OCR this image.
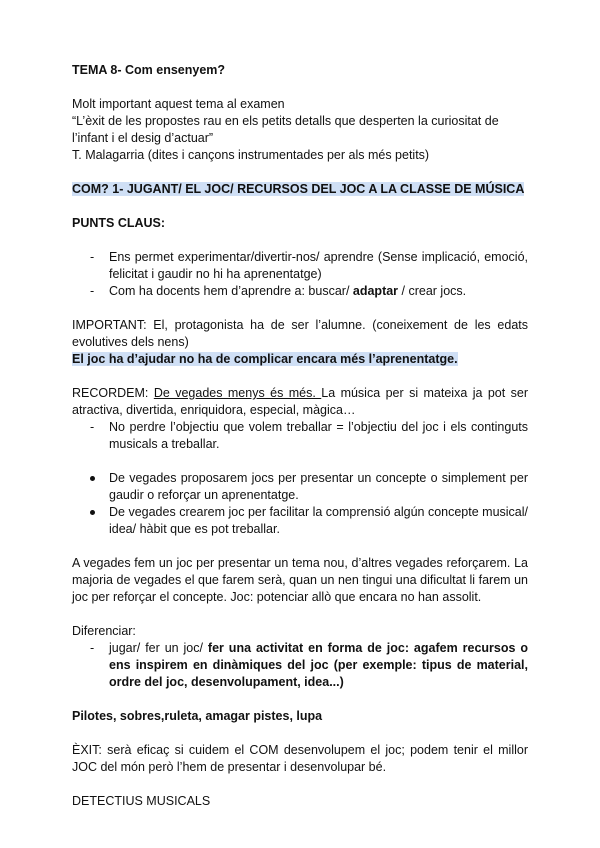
TEMA 8- Com ensenyem?

Molt important aquest tema al examen

“L’èxit de les propostes rau en els petits detalls que desperten la curiositat de l’infant i el desig d’actuar”

T. Malagarria (dites i cançons instrumentades per als més petits)

COM? 1- JUGANT/ EL JOC/ RECURSOS DEL JOC A LA CLASSE DE MÚSICA

PUNTS CLAUS:

- Ens permet experimentar/divertir-nos/ aprendre (Sense implicació, emoció, felicitat i gaudir no hi ha aprenentatge)
- Com ha docents hem d’aprendre a: buscar/ adaptar / crear jocs.

IMPORTANT: El, protagonista ha de ser l’alumne. (coneixement de les edats evolutives dels nens)

El joc ha d’ajudar no ha de complicar encara més l’aprenentatge.

RECORDEM: De vegades menys és més. La música per si mateixa ja pot ser atractiva, divertida, enriquidora, especial, màgica…

- No perdre l’objectiu que volem treballar = l’objectiu del joc i els continguts musicals a treballar.
De vegades proposarem jocs per presentar un concepte o simplement per gaudir o reforçar un aprenentatge.
De vegades crearem joc per facilitar la comprensió algún concepte musical/ idea/ hàbit que es pot treballar.

A vegades fem un joc per presentar un tema nou, d’altres vegades reforçarem. La majoria de vegades el que farem serà, quan un nen tingui una dificultat li farem un joc per reforçar el concepte. Joc: potenciar allò que encara no han assolit.

Diferenciar:

- jugar/ fer un joc/ fer una activitat en forma de joc: agafem recursos o ens inspirem en dinàmiques del joc (per exemple: tipus de material, ordre del joc, desenvolupament, idea...)

Pilotes, sobres,ruleta, amagar pistes, lupa

ÈXIT: serà eficaç si cuidem el COM desenvolupem el joc; podem tenir el millor JOC del món però l’hem de presentar i desenvolupar bé.

DETECTIUS MUSICALS
